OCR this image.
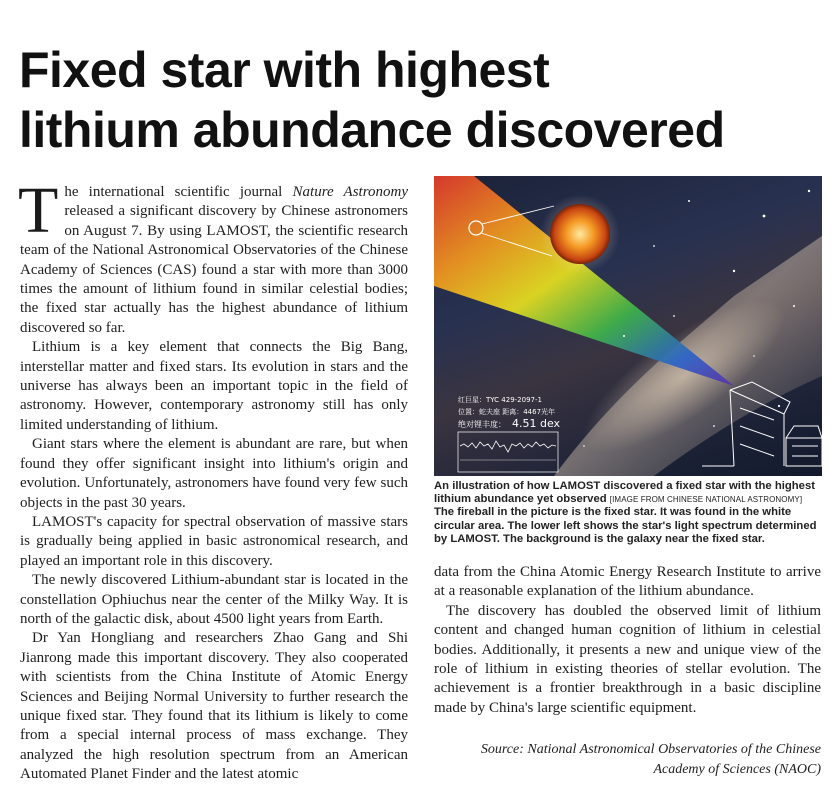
Fixed star with highest
lithium abundance discovered

The international scientific journal Nature Astronomy released a significant discovery by Chinese astronomers on August 7. By using LAMOST, the scientific research team of the National Astronomical Observatories of the Chinese Academy of Sciences (CAS) found a star with more than 3000 times the amount of lithium found in similar celestial bodies; the fixed star actually has the highest abundance of lithium discovered so far.

Lithium is a key element that connects the Big Bang, interstellar matter and fixed stars. Its evolution in stars and the universe has always been an important topic in the field of astronomy. However, contemporary astronomy still has only limited understanding of lithium.

Giant stars where the element is abundant are rare, but when found they offer significant insight into lithium's origin and evolution. Unfortunately, astronomers have found very few such objects in the past 30 years.

LAMOST's capacity for spectral observation of massive stars is gradually being applied in basic astronomical research, and played an important role in this discovery.

The newly discovered Lithium-abundant star is located in the constellation Ophiuchus near the center of the Milky Way. It is north of the galactic disk, about 4500 light years from Earth.

Dr Yan Hongliang and researchers Zhao Gang and Shi Jianrong made this important discovery. They also cooperated with scientists from the China Institute of Atomic Energy Sciences and Beijing Normal University to further research the unique fixed star. They found that its lithium is likely to come from a special internal process of mass exchange. They analyzed the high resolution spectrum from an American Automated Planet Finder and the latest atomic

红巨星：TYC 429-2097-1
位置：蛇夫座 距离：4467光年
绝对锂丰度： 4.51 dex
An illustration of how LAMOST discovered a fixed star with the highest lithium abundance yet observed [IMAGE FROM CHINESE NATIONAL ASTRONOMY]
The fireball in the picture is the fixed star. It was found in the white circular area. The lower left shows the star's light spectrum determined by LAMOST. The background is the galaxy near the fixed star.

data from the China Atomic Energy Research Institute to arrive at a reasonable explanation of the lithium abundance.

The discovery has doubled the observed limit of lithium content and changed human cognition of lithium in celestial bodies. Additionally, it presents a new and unique view of the role of lithium in existing theories of stellar evolution. The achievement is a frontier breakthrough in a basic discipline made by China's large scientific equipment.

Source: National Astronomical Observatories of the Chinese
Academy of Sciences (NAOC)
